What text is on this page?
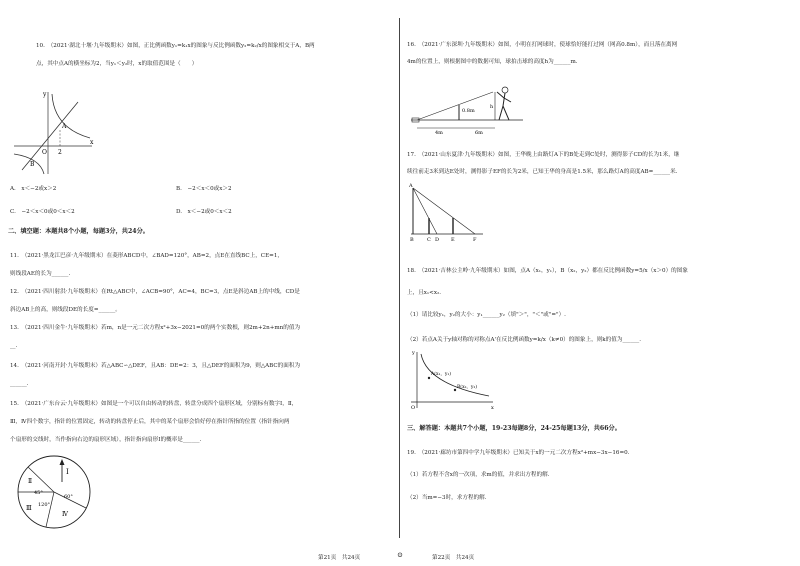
10.　（2021·湖北十堰·九年级期末）如图，正比例函数y₁=k₁x的图象与反比例函数y₂=k₂/x的图象相交于A，B两
点，其中点A的横坐标为2，当y₁＜y₂时，x的取值范围是（　　）
y
A
O 2
x
B
A.　x＜−2或x＞2	B.　−2＜x＜0或x＞2
C.　−2＜x＜0或0＜x＜2	D.　x＜−2或0＜x＜2
二、填空题：本题共8个小题，每题3分，共24分。
11.　（2021·黑龙江巴彦·九年级期末）在菱形ABCD中，∠BAD=120°，AB=2，点E在直线BC上，CE=1，
则线段AE的长为______.
12.　（2021·四川射洪·九年级期末）在Rt△ABC中，∠ACB=90°，AC=4，BC=3，点E是斜边AB上的中线，CD是
斜边AB上的高，则线段DE的长度=______。
13.　（2021·四川金牛·九年级期末）若m，n是一元二次方程x²+3x−2021=0的两个实数根，则2m+2n+mn的值为
__.
14.　（2021·河南开封·九年级期末）若△ABC∽△DEF，且AB：DE=2：3，且△DEF的面积为9，则△ABC的面积为
______.
15.　（2021·广东台云·九年级期末）如图是一个可以自由转动的转盘，转盘分成四个扇形区域，分别标有数字Ⅰ，Ⅱ，
Ⅲ，Ⅳ四个数字，指针的位置固定，转动的转盘停止后，其中的某个扇形会恰好停在指针所指的位置（指针指向两
个扇形的交线时，当作指向右边的扇形区域），指针指向扇形Ⅰ的概率是______.
Ⅰ
Ⅱ
Ⅲ
Ⅳ
45°
60°
120°
16.　（2021·广东深圳·九年级期末）如图，小明在打网球时，使球恰好能打过网（网高0.8m），而且落在离网
4m的位置上，则根据图中的数据可知，球拍击球的高度h为______m.
4m	6m
0.8m
h
17.　（2021·山东夏津·九年级期末）如图，王华晚上由路灯A下的B处走到C处时，测得影子CD的长为1米，继
续往前走3米到达E处时，测得影子EF的长为2米，已知王华的身高是1.5米，那么路灯A的高度AB=______米.
A
B	C D E	F
18.　（2021·吉林公主岭·九年级期末）如图，点A（x₁，y₁），B（x₂，y₂）都在反比例函数y=5/x（x＞0）的图象
上，且x₁<x₂.
（1）请比较y₁，y₂的大小：y₁______y₂（填"＞"，"＜"或"="）.
（2）若点A关于y轴对称的对称点A'在反比例函数y=k/x（k≠0）的图象上，则k的值为______.
A(x₁，y₁)
B(x₂，y₂)
y
O	x
三、解答题：本题共7个小题，19-23每题8分，24-25每题13分，共66分。
19.　（2021·廊坊市第四中学九年级期末）已知关于x的一元二次方程x²+mx−3x−16=0.
（1）若方程不含x的一次项，求m的值，并求出方程的解.
（2）当m=−3时，求方程的解.
第21页　共24页	⊙	第22页　共24页
